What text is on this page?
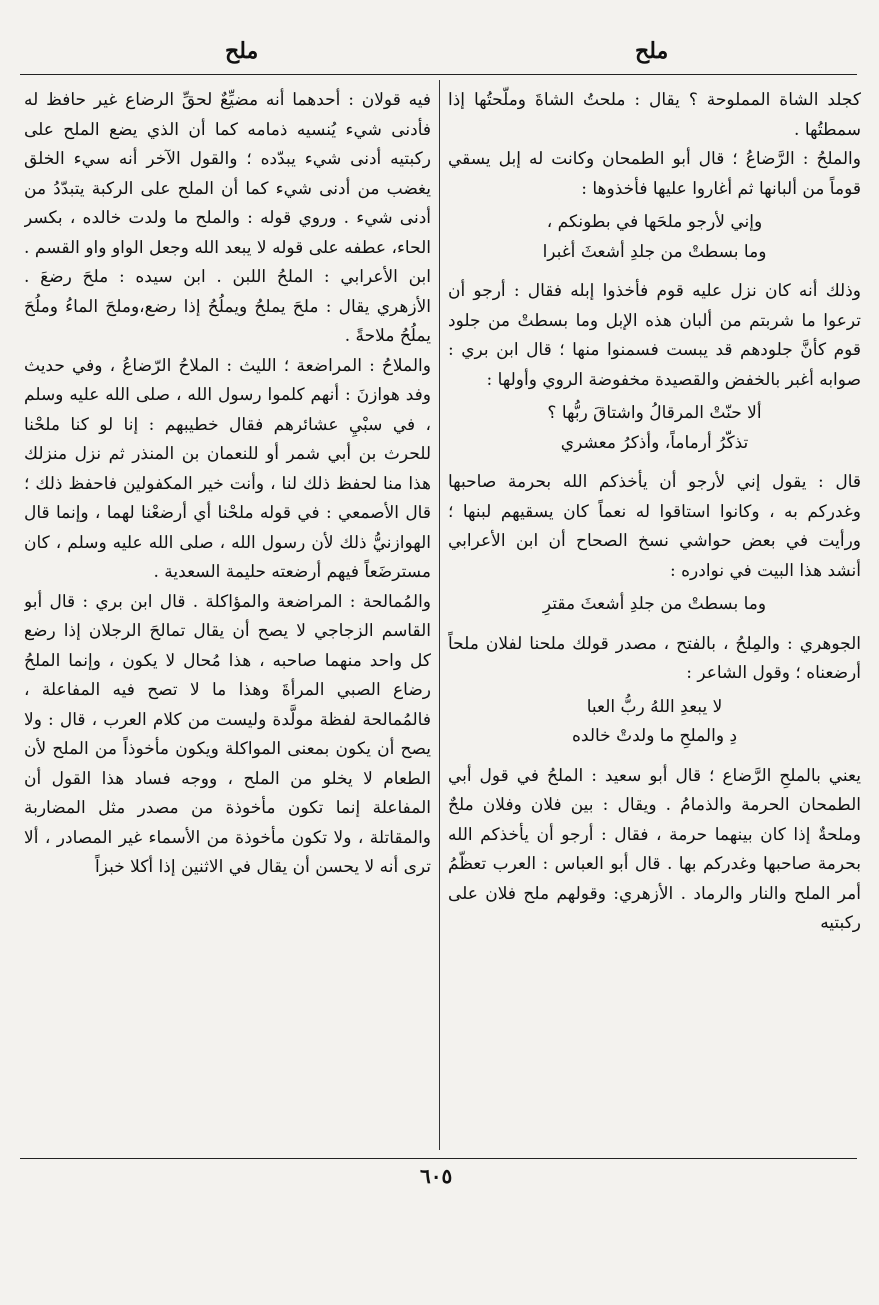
ملح
ملح

كجلد الشاة المملوحة ؟ يقال : ملحتُ الشاةَ وملّحتُها إذا سمطتُها .

والملحُ : الرَّضاعُ ؛ قال أبو الطمحان وكانت له إبل يسقي قوماً من ألبانها ثم أغاروا عليها فأخذوها :

وإني لأرجو ملحَها في بطونكم ،
وما بسطتْ من جلدِ أشعثَ أغبرا

وذلك أنه كان نزل عليه قوم فأخذوا إبله فقال : أرجو أن ترعوا ما شربتم من ألبان هذه الإبل وما بسطتْ من جلود قوم كأنَّ جلودهم قد يبست فسمنوا منها ؛ قال ابن بري : صوابه أغبر بالخفض والقصيدة مخفوضة الروي وأولها :

ألا حنّتْ المرقالُ واشتاقَ ربُّها ؟
تذكّرُ أرماماً، وأذكرُ معشري

قال : يقول إني لأرجو أن يأخذكم الله بحرمة صاحبها وغدركم به ، وكانوا استاقوا له نعماً كان يسقيهم لبنها ؛ ورأيت في بعض حواشي نسخ الصحاح أن ابن الأعرابي أنشد هذا البيت في نوادره :

وما بسطتْ من جلدِ أشعثَ مقترِ

الجوهري : والمِلحُ ، بالفتح ، مصدر قولك ملحنا لفلان ملحاً أرضعناه ؛ وقول الشاعر :

لا يبعدِ اللهُ ربُّ العبا
دِ والملحِ ما ولدتْ خالده

يعني بالملحِ الرَّضاع ؛ قال أبو سعيد : الملحُ في قول أبي الطمحان الحرمة والذمامُ . ويقال : بين فلان وفلان ملحٌ وملحةٌ إذا كان بينهما حرمة ، فقال : أرجو أن يأخذكم الله بحرمة صاحبها وغدركم بها . قال أبو العباس : العرب تعظّمُ أمر الملح والنار والرماد . الأزهري: وقولهم ملح فلان على ركبتيه

فيه قولان : أحدهما أنه مضيِّعٌ لحقِّ الرضاع غير حافظ له فأدنى شيء يُنسيه ذمامه كما أن الذي يضع الملح على ركبتيه أدنى شيء يبدّده ؛ والقول الآخر أنه سيء الخلق يغضب من أدنى شيء كما أن الملح على الركبة يتبدّدُ من أدنى شيء . وروي قوله : والملح ما ولدت خالده ، بكسر الحاء، عطفه على قوله لا يبعد الله وجعل الواو واو القسم . ابن الأعرابي : الملحُ اللبن . ابن سيده : ملحَ رضعَ . الأزهري يقال : ملحَ يملحُ ويملُحُ إذا رضع،وملحَ الماءُ وملُحَ يملُحُ ملاحةً .

والملاحُ : المراضعة ؛ الليث : الملاحُ الرّضاعُ ، وفي حديث وفد هوازنَ : أنهم كلموا رسول الله ، صلى الله عليه وسلم ، في سبْيِ عشائرهم فقال خطيبهم : إنا لو كنا ملحْنا للحرث بن أبي شمر أو للنعمان بن المنذر ثم نزل منزلك هذا منا لحفظ ذلك لنا ، وأنت خير المكفولين فاحفظ ذلك ؛ قال الأصمعي : في قوله ملحْنا أي أرضعْنا لهما ، وإنما قال الهوازنيُّ ذلك لأن رسول الله ، صلى الله عليه وسلم ، كان مسترضَعاً فيهم أرضعته حليمة السعدية .

والمُمالحة : المراضعة والمؤاكلة . قال ابن بري : قال أبو القاسم الزجاجي لا يصح أن يقال تمالحَ الرجلان إذا رضع كل واحد منهما صاحبه ، هذا مُحال لا يكون ، وإنما الملحُ رضاع الصبي المرأةَ وهذا ما لا تصح فيه المفاعلة ، فالمُمالحة لفظة مولَّدة وليست من كلام العرب ، قال : ولا يصح أن يكون بمعنى المواكلة ويكون مأخوذاً من الملح لأن الطعام لا يخلو من الملح ، ووجه فساد هذا القول أن المفاعلة إنما تكون مأخوذة من مصدر مثل المضاربة والمقاتلة ، ولا تكون مأخوذة من الأسماء غير المصادر ، ألا ترى أنه لا يحسن أن يقال في الاثنين إذا أكلا خبزاً

٦٠٥
